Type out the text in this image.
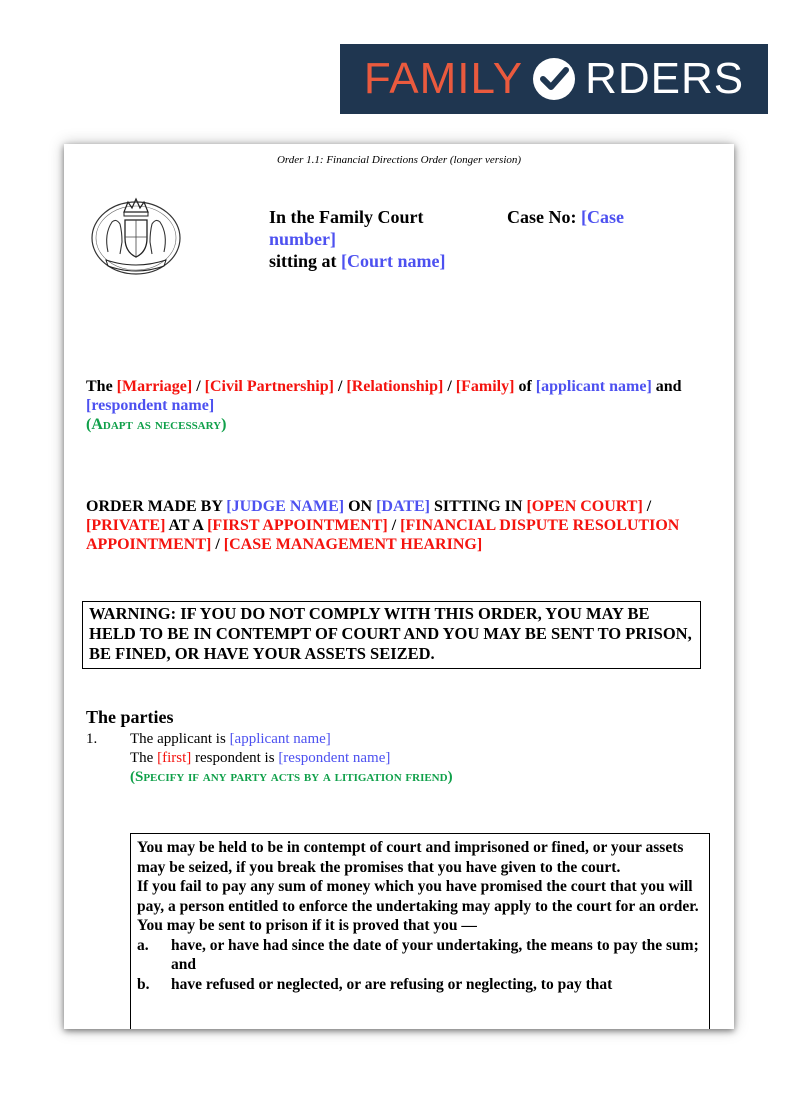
FAMILY RDERS
Order 1.1: Financial Directions Order (longer version)
In the Family Court	Case No: [Case
number]
sitting at [Court name]
The [Marriage] / [Civil Partnership] / [Relationship] / [Family] of [applicant name] and [respondent name]
(Adapt as necessary)
ORDER MADE BY [JUDGE NAME] ON [DATE] SITTING IN [OPEN COURT] / [PRIVATE] AT A [FIRST APPOINTMENT] / [FINANCIAL DISPUTE RESOLUTION APPOINTMENT] / [CASE MANAGEMENT HEARING]
WARNING: IF YOU DO NOT COMPLY WITH THIS ORDER, YOU MAY BE HELD TO BE IN CONTEMPT OF COURT AND YOU MAY BE SENT TO PRISON, BE FINED, OR HAVE YOUR ASSETS SEIZED.
The parties
1. The applicant is [applicant name]
The [first] respondent is [respondent name]
(Specify if any party acts by a litigation friend)
You may be held to be in contempt of court and imprisoned or fined, or your assets may be seized, if you break the promises that you have given to the court.
If you fail to pay any sum of money which you have promised the court that you will pay, a person entitled to enforce the undertaking may apply to the court for an order. You may be sent to prison if it is proved that you —
a.	have, or have had since the date of your undertaking, the means to pay the sum; and
b.	have refused or neglected, or are refusing or neglecting, to pay that
